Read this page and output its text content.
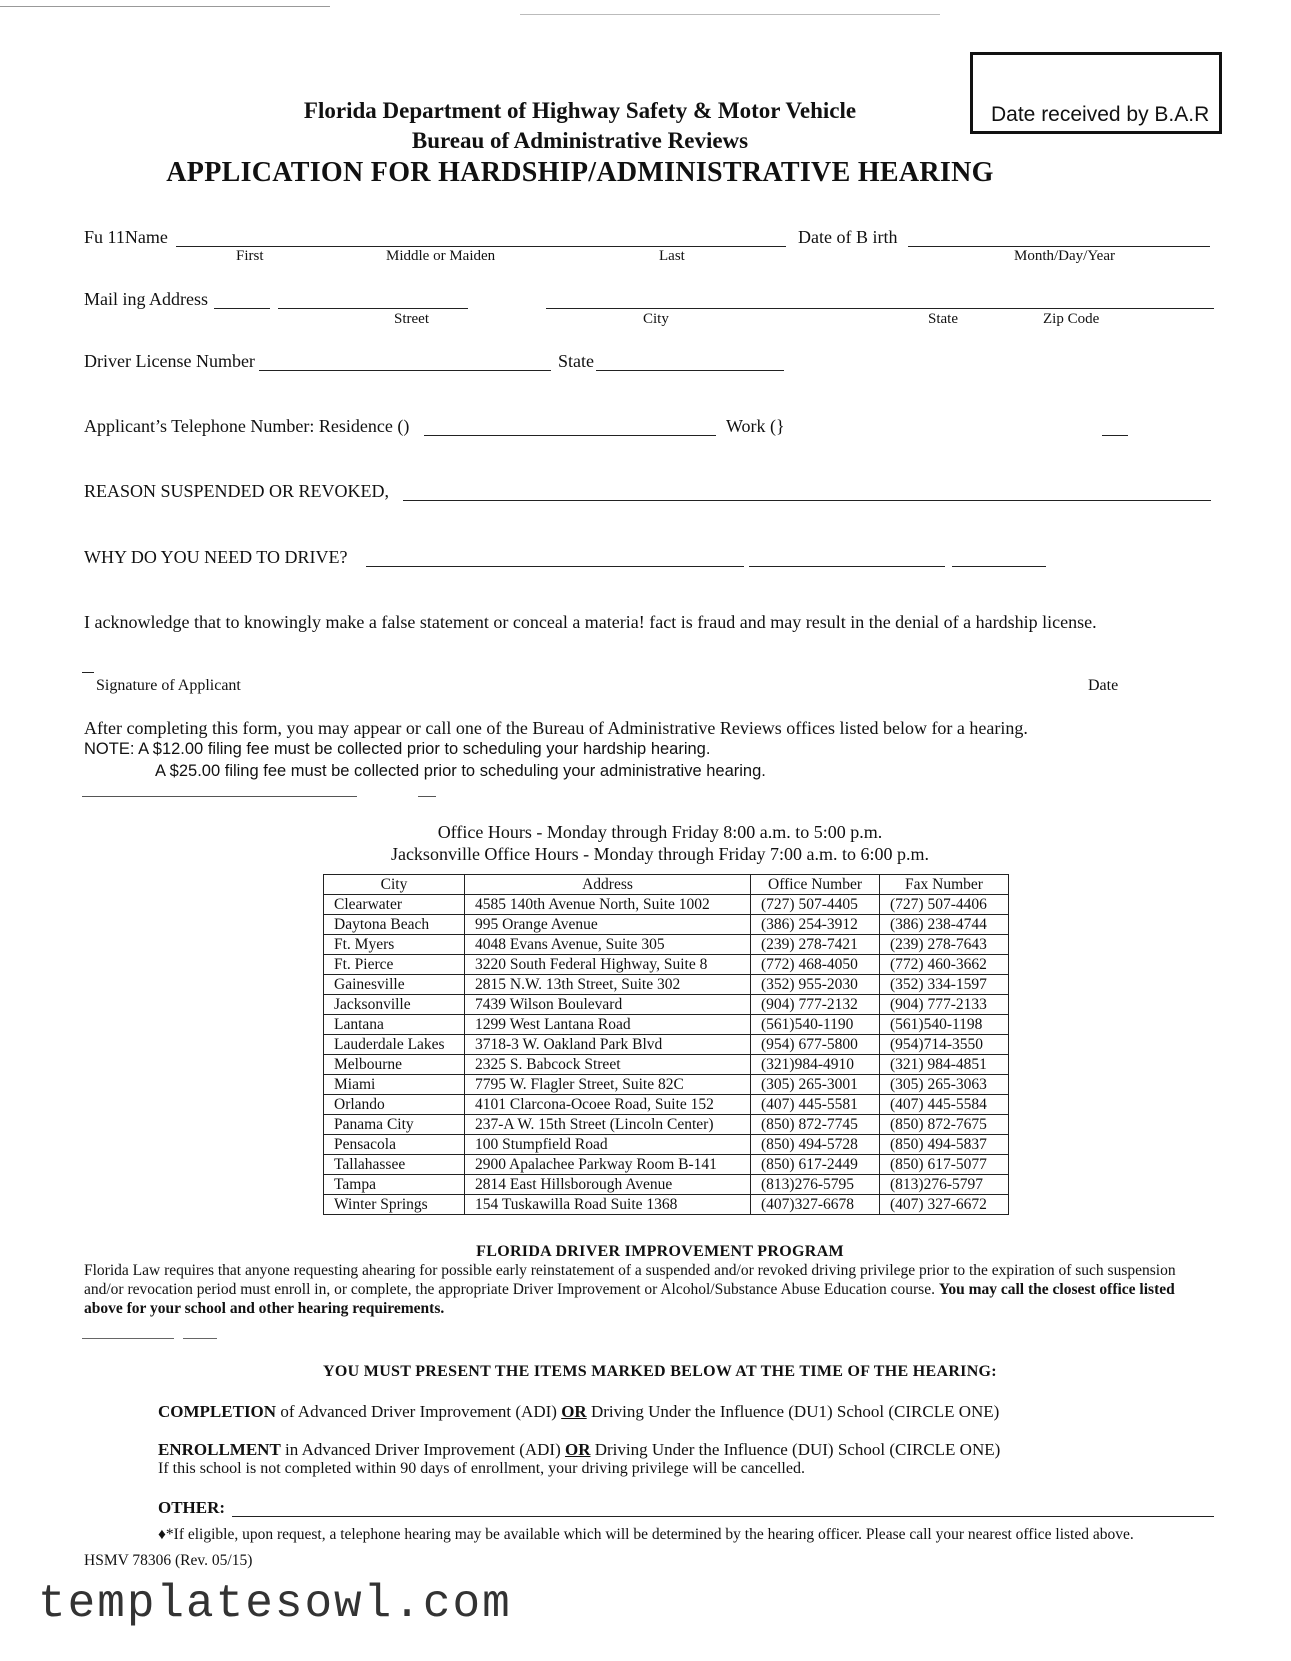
Date received by B.A.R
Florida Department of Highway Safety & Motor Vehicle
Bureau of Administrative Reviews
APPLICATION FOR HARDSHIP/ADMINISTRATIVE HEARING
Fu 11Name
First	Middle or Maiden	Last
Date of B irth
Month/Day/Year
Mail ing Address
Street	City	State	Zip Code
Driver License Number	State
Applicant’s Telephone Number: Residence ()	Work (}
REASON SUSPENDED OR REVOKED,
WHY DO YOU NEED TO DRIVE?
I acknowledge that to knowingly make a false statement or conceal a materia! fact is fraud and may result in the denial of a hardship license.
Signature of Applicant	Date
After completing this form, you may appear or call one of the Bureau of Administrative Reviews offices listed below for a hearing.
NOTE: A $12.00 filing fee must be collected prior to scheduling your hardship hearing.
A $25.00 filing fee must be collected prior to scheduling your administrative hearing.
Office Hours - Monday through Friday 8:00 a.m. to 5:00 p.m.
Jacksonville Office Hours - Monday through Friday 7:00 a.m. to 6:00 p.m.
City	Address	Office Number	Fax Number
Clearwater	4585 140th Avenue North, Suite 1002	(727) 507-4405	(727) 507-4406
Daytona Beach	995 Orange Avenue	(386) 254-3912	(386) 238-4744
Ft. Myers	4048 Evans Avenue, Suite 305	(239) 278-7421	(239) 278-7643
Ft. Pierce	3220 South Federal Highway, Suite 8	(772) 468-4050	(772) 460-3662
Gainesville	2815 N.W. 13th Street, Suite 302	(352) 955-2030	(352) 334-1597
Jacksonville	7439 Wilson Boulevard	(904) 777-2132	(904) 777-2133
Lantana	1299 West Lantana Road	(561)540-1190	(561)540-1198
Lauderdale Lakes	3718-3 W. Oakland Park Blvd	(954) 677-5800	(954)714-3550
Melbourne	2325 S. Babcock Street	(321)984-4910	(321) 984-4851
Miami	7795 W. Flagler Street, Suite 82C	(305) 265-3001	(305) 265-3063
Orlando	4101 Clarcona-Ocoee Road, Suite 152	(407) 445-5581	(407) 445-5584
Panama City	237-A W. 15th Street (Lincoln Center)	(850) 872-7745	(850) 872-7675
Pensacola	100 Stumpfield Road	(850) 494-5728	(850) 494-5837
Tallahassee	2900 Apalachee Parkway Room B-141	(850) 617-2449	(850) 617-5077
Tampa	2814 East Hillsborough Avenue	(813)276-5795	(813)276-5797
Winter Springs	154 Tuskawilla Road Suite 1368	(407)327-6678	(407) 327-6672
FLORIDA DRIVER IMPROVEMENT PROGRAM
Florida Law requires that anyone requesting ahearing for possible early reinstatement of a suspended and/or revoked driving privilege prior to the expiration of such suspension and/or revocation period must enroll in, or complete, the appropriate Driver Improvement or Alcohol/Substance Abuse Education course. You may call the closest office listed above for your school and other hearing requirements.
YOU MUST PRESENT THE ITEMS MARKED BELOW AT THE TIME OF THE HEARING:
COMPLETION of Advanced Driver Improvement (ADI) OR Driving Under the Influence (DU1) School (CIRCLE ONE)
ENROLLMENT in Advanced Driver Improvement (ADI) OR Driving Under the Influence (DUI) School (CIRCLE ONE)
If this school is not completed within 90 days of enrollment, your driving privilege will be cancelled.
OTHER:
♦*If eligible, upon request, a telephone hearing may be available which will be determined by the hearing officer. Please call your nearest office listed above.
HSMV 78306 (Rev. 05/15)
templatesowl.com
